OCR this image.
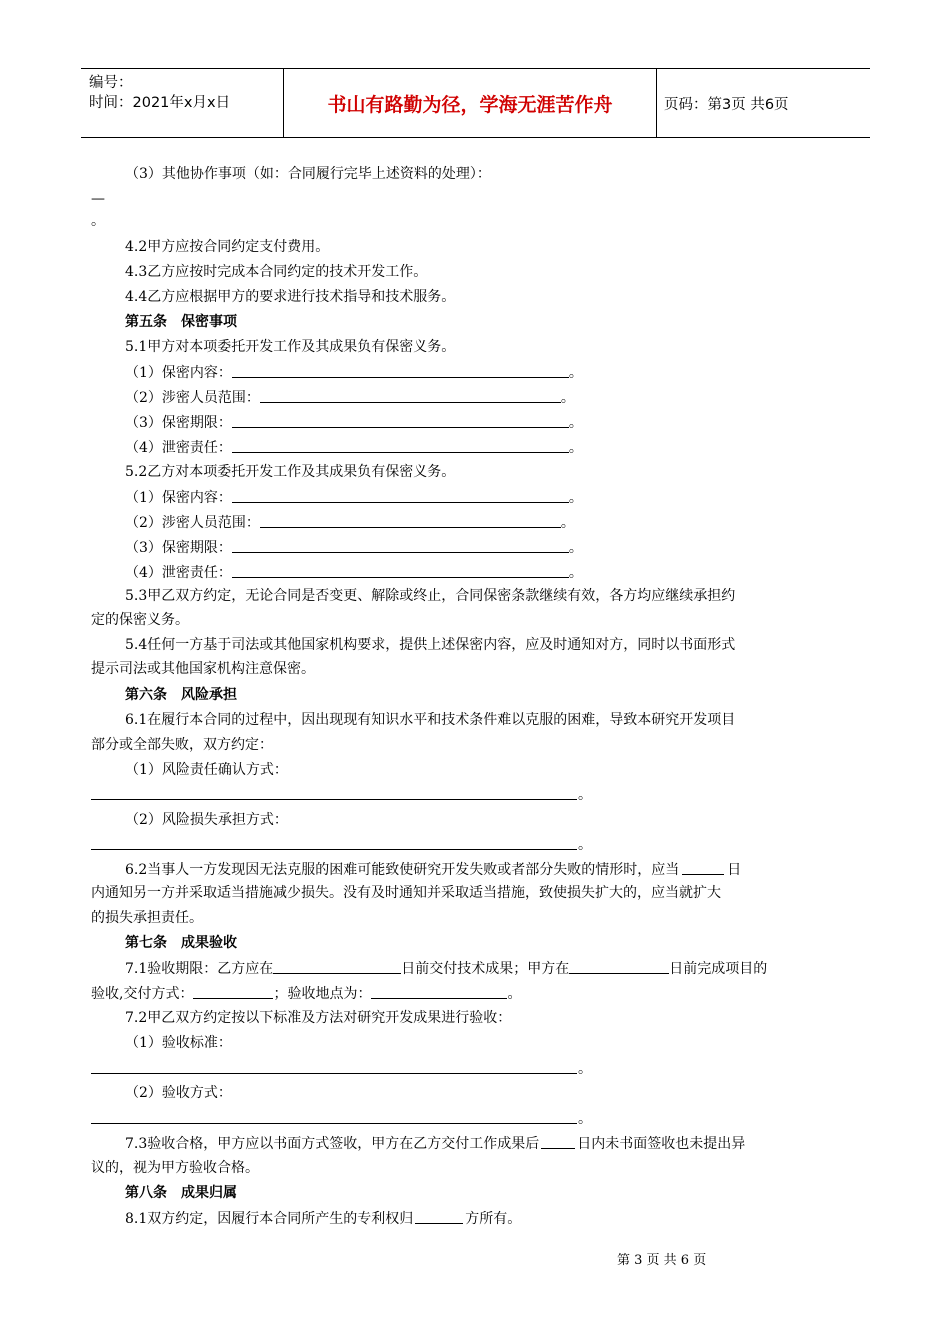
编号：
时间：2021年x月x日	书山有路勤为径，学海无涯苦作舟	页码：第3页 共6页
（3）其他协作事项（如：合同履行完毕上述资料的处理）：
—
。
4.2甲方应按合同约定支付费用。
4.3乙方应按时完成本合同约定的技术开发工作。
4.4乙方应根据甲方的要求进行技术指导和技术服务。
第五条　保密事项
5.1甲方对本项委托开发工作及其成果负有保密义务。
（1）保密内容：	。
（2）涉密人员范围：	。
（3）保密期限：	。
（4）泄密责任：	。
5.2乙方对本项委托开发工作及其成果负有保密义务。
（1）保密内容：	。
（2）涉密人员范围：	。
（3）保密期限：	。
（4）泄密责任：	。
5.3甲乙双方约定，无论合同是否变更、解除或终止，合同保密条款继续有效，各方均应继续承担约
定的保密义务。
5.4任何一方基于司法或其他国家机构要求，提供上述保密内容，应及时通知对方，同时以书面形式
提示司法或其他国家机构注意保密。
第六条　风险承担
6.1在履行本合同的过程中，因出现现有知识水平和技术条件难以克服的困难，导致本研究开发项目
部分或全部失败，双方约定：
（1）风险责任确认方式：
。
（2）风险损失承担方式：
。
6.2当事人一方发现因无法克服的困难可能致使研究开发失败或者部分失败的情形时，应当	日
内通知另一方并采取适当措施减少损失。没有及时通知并采取适当措施，致使损失扩大的，应当就扩大
的损失承担责任。
第七条　成果验收
7.1验收期限：乙方应在	日前交付技术成果；甲方在	日前完成项目的
验收,交付方式：	；验收地点为：	。
7.2甲乙双方约定按以下标准及方法对研究开发成果进行验收：
（1）验收标准：
。
（2）验收方式：
。
7.3验收合格，甲方应以书面方式签收，甲方在乙方交付工作成果后	日内未书面签收也未提出异
议的，视为甲方验收合格。
第八条　成果归属
8.1双方约定，因履行本合同所产生的专利权归	方所有。
第 3 页 共 6 页
